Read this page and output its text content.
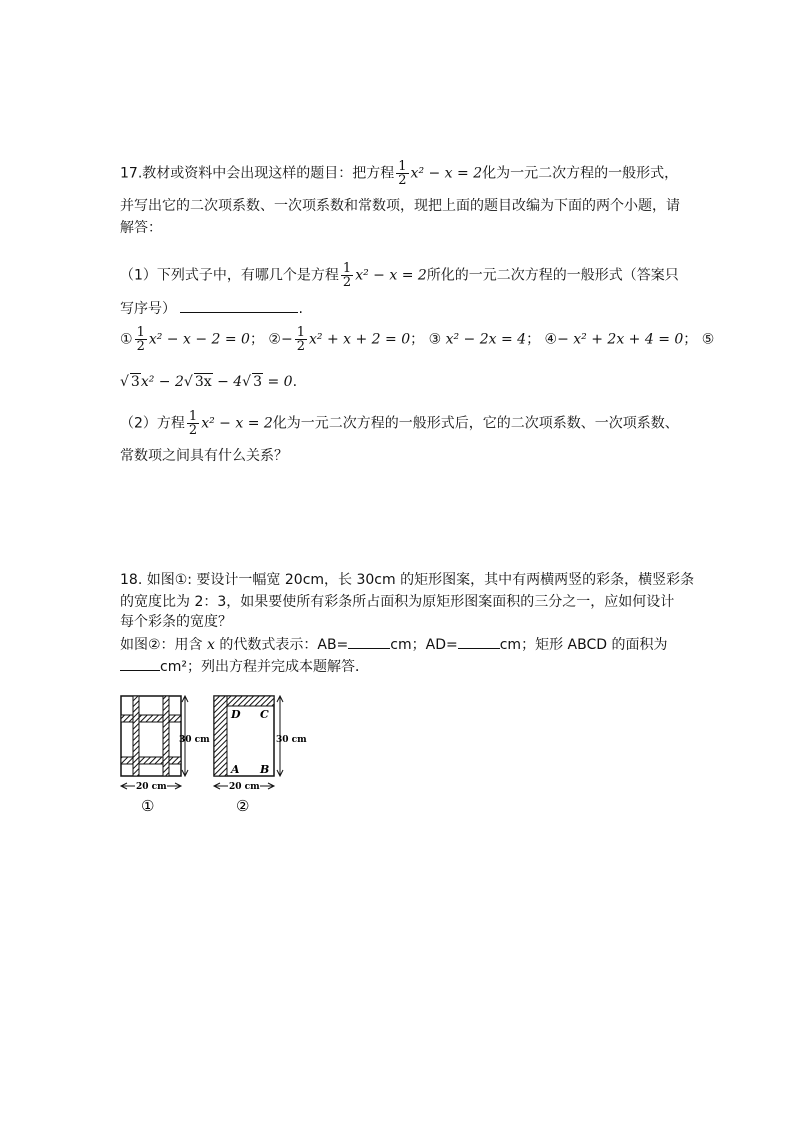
17.教材或资料中会出现这样的题目：把方程 $\frac{1}{2} x^2 - x = 2$化为一元二次方程的一般形式，
并写出它的二次项系数、一次项系数和常数项，现把上面的题目改编为下面的两个小题，请
解答：
（1）下列式子中，有哪几个是方程 $\frac{1}{2} x^2 - x = 2$所化的一元二次方程的一般形式（答案只
写序号）	.
① $\frac{1}{2} x^2 - x - 2 = 0$； ②− $\frac{1}{2} x^2 + x + 2 = 0$； ③ x² − 2x = 4； ④− x² + 2x + 4 = 0； ⑤
√ 3x² − 2√ 3x − 4√ 3 = 0.
（2）方程 $\frac{1}{2} x^2 - x = 2$化为一元二次方程的一般形式后，它的二次项系数、一次项系数、
常数项之间具有什么关系？
18. 如图①: 要设计一幅宽 20cm，长 30cm 的矩形图案，其中有两横两竖的彩条，横竖彩条
的宽度比为 2：3，如果要使所有彩条所占面积为原矩形图案面积的三分之一，应如何设计
每个彩条的宽度？
如图②：用含 x 的代数式表示：AB=	cm；AD=	cm；矩形 ABCD 的面积为
cm²；列出方程并完成本题解答．
30 cm
20 cm
①
D C
A B
30 cm
20 cm
②
